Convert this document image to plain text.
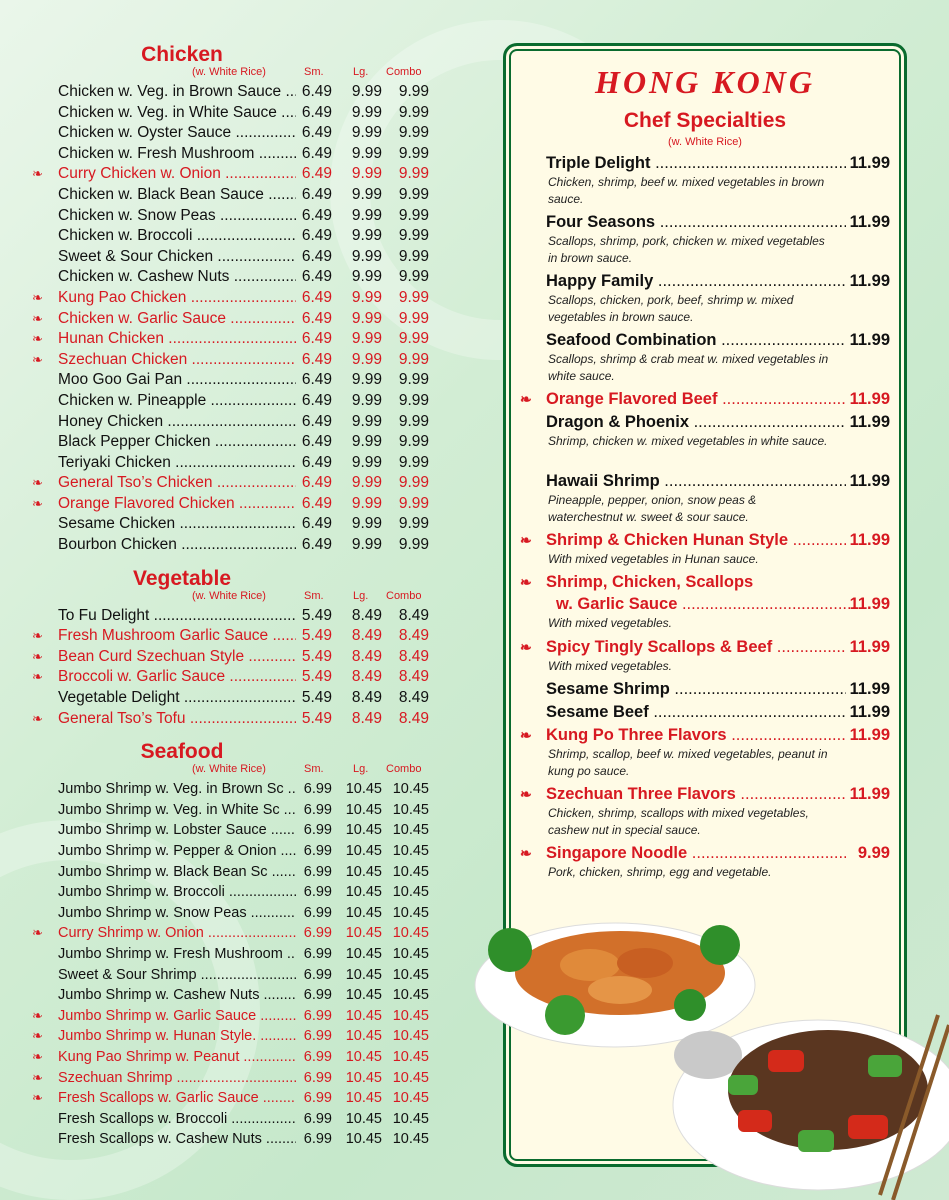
Chicken
(w. White Rice)	Sm.	Lg. Combo
Chicken w. Veg. in Brown Sauce .....	6.49	9.99	9.99
Chicken w. Veg. in White Sauce .....	6.49	9.99	9.99
Chicken w. Oyster Sauce .....	6.49	9.99	9.99
Chicken w. Fresh Mushroom .....	6.49	9.99	9.99
❧ Curry Chicken w. Onion .....	6.49	9.99	9.99
Chicken w. Black Bean Sauce .....	6.49	9.99	9.99
Chicken w. Snow Peas .....	6.49	9.99	9.99
Chicken w. Broccoli .....	6.49	9.99	9.99
Sweet & Sour Chicken .....	6.49	9.99	9.99
Chicken w. Cashew Nuts .....	6.49	9.99	9.99
❧ Kung Pao Chicken .....	6.49	9.99	9.99
❧ Chicken w. Garlic Sauce .....	6.49	9.99	9.99
❧ Hunan Chicken .....	6.49	9.99	9.99
❧ Szechuan Chicken .....	6.49	9.99	9.99
Moo Goo Gai Pan .....	6.49	9.99	9.99
Chicken w. Pineapple .....	6.49	9.99	9.99
Honey Chicken .....	6.49	9.99	9.99
Black Pepper Chicken .....	6.49	9.99	9.99
Teriyaki Chicken .....	6.49	9.99	9.99
❧ General Tso’s Chicken .....	6.49	9.99	9.99
❧ Orange Flavored Chicken .....	6.49	9.99	9.99
Sesame Chicken .....	6.49	9.99	9.99
Bourbon Chicken .....	6.49	9.99	9.99
Vegetable
(w. White Rice)	Sm.	Lg. Combo
To Fu Delight .....	5.49	8.49	8.49
❧ Fresh Mushroom Garlic Sauce .....	5.49	8.49	8.49
❧ Bean Curd Szechuan Style .....	5.49	8.49	8.49
❧ Broccoli w. Garlic Sauce .....	5.49	8.49	8.49
Vegetable Delight .....	5.49	8.49	8.49
❧ General Tso’s Tofu .....	5.49	8.49	8.49
Seafood
(w. White Rice)	Sm.	Lg. Combo
Jumbo Shrimp w. Veg. in Brown Sc .....	6.99 10.45 10.45
Jumbo Shrimp w. Veg. in White Sc .....	6.99 10.45 10.45
Jumbo Shrimp w. Lobster Sauce .....	6.99 10.45 10.45
Jumbo Shrimp w. Pepper & Onion .....	6.99 10.45 10.45
Jumbo Shrimp w. Black Bean Sc .....	6.99 10.45 10.45
Jumbo Shrimp w. Broccoli .....	6.99 10.45 10.45
Jumbo Shrimp w. Snow Peas .....	6.99 10.45 10.45
❧ Curry Shrimp w. Onion .....	6.99 10.45 10.45
Jumbo Shrimp w. Fresh Mushroom .....	6.99 10.45 10.45
Sweet & Sour Shrimp .....	6.99 10.45 10.45
Jumbo Shrimp w. Cashew Nuts .....	6.99 10.45 10.45
❧ Jumbo Shrimp w. Garlic Sauce .....	6.99 10.45 10.45
❧ Jumbo Shrimp w. Hunan Style. .....	6.99 10.45 10.45
❧ Kung Pao Shrimp w. Peanut .....	6.99 10.45 10.45
❧ Szechuan Shrimp .....	6.99 10.45 10.45
❧ Fresh Scallops w. Garlic Sauce .....	6.99 10.45 10.45
Fresh Scallops w. Broccoli .....	6.99 10.45 10.45
Fresh Scallops w. Cashew Nuts .....	6.99 10.45 10.45
HONG KONG
Chef Specialties
(w. White Rice)
Triple Delight .....	11.99
Chicken, shrimp, beef w. mixed vegetables in brown sauce.
Four Seasons .....	11.99
Scallops, shrimp, pork, chicken w. mixed vegetables in brown sauce.
Happy Family .....	11.99
Scallops, chicken, pork, beef, shrimp w. mixed vegetables in brown sauce.
Seafood Combination .....	11.99
Scallops, shrimp & crab meat w. mixed vegetables in white sauce.
❧ Orange Flavored Beef .....	11.99
Dragon & Phoenix .....	11.99
Shrimp, chicken w. mixed vegetables in white sauce.
Hawaii Shrimp .....	11.99
Pineapple, pepper, onion, snow peas & waterchestnut w. sweet & sour sauce.
❧ Shrimp & Chicken Hunan Style .....	11.99
With mixed vegetables in Hunan sauce.
❧ Shrimp, Chicken, Scallops
w. Garlic Sauce .....	11.99
With mixed vegetables.
❧ Spicy Tingly Scallops & Beef .....	11.99
With mixed vegetables.
Sesame Shrimp .....	11.99
Sesame Beef .....	11.99
❧ Kung Po Three Flavors .....	11.99
Shrimp, scallop, beef w. mixed vegetables, peanut in kung po sauce.
❧ Szechuan Three Flavors .....	11.99
Chicken, shrimp, scallops with mixed vegetables, cashew nut in special sauce.
❧ Singapore Noodle .....	9.99
Pork, chicken, shrimp, egg and vegetable.
